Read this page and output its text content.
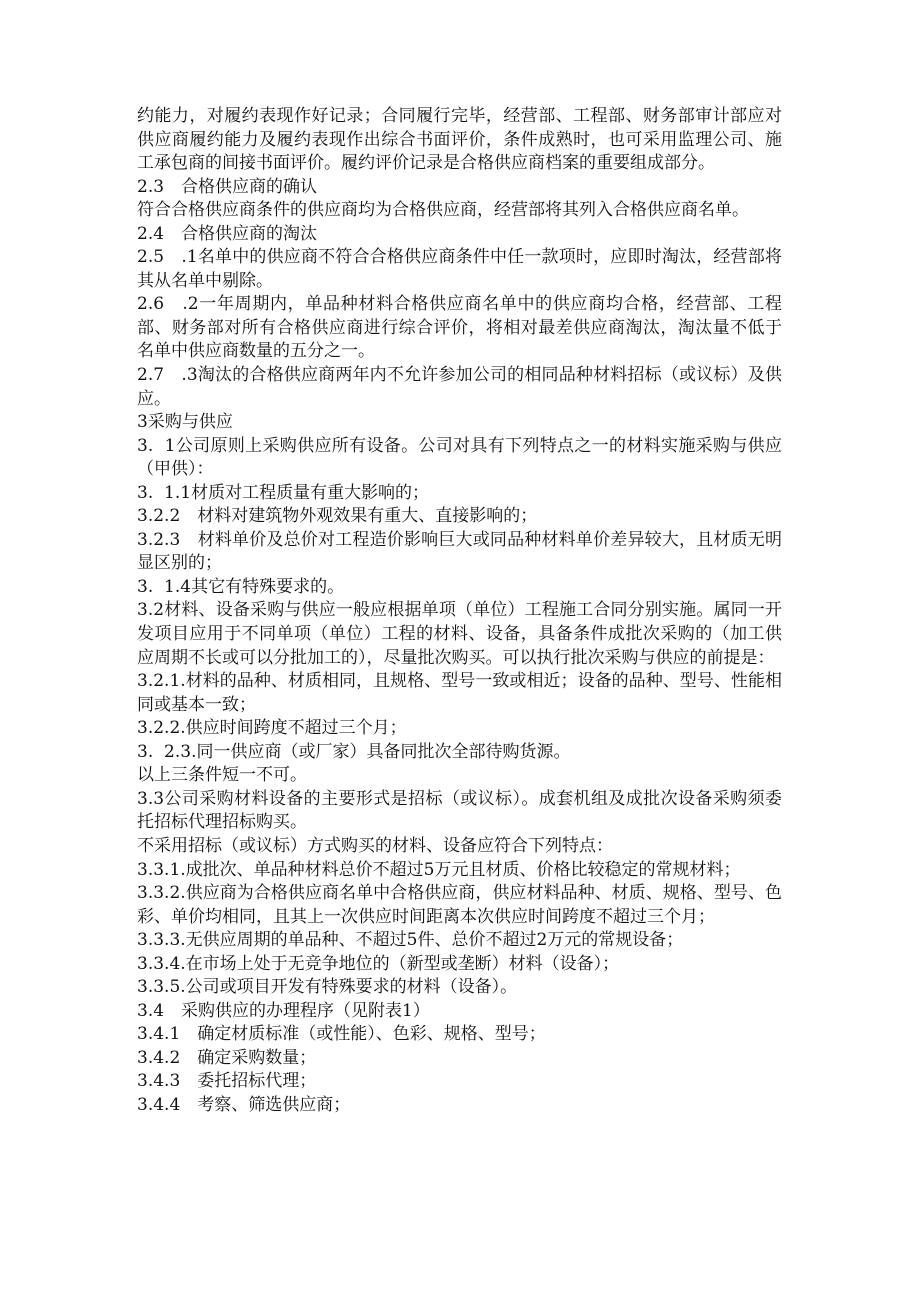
约能力，对履约表现作好记录；合同履行完毕，经营部、工程部、财务部审计部应对供应商履约能力及履约表现作出综合书面评价，条件成熟时，也可采用监理公司、施工承包商的间接书面评价。履约评价记录是合格供应商档案的重要组成部分。

2.3　合格供应商的确认

符合合格供应商条件的供应商均为合格供应商，经营部将其列入合格供应商名单。

2.4　合格供应商的淘汰

2.5　.1名单中的供应商不符合合格供应商条件中任一款项时，应即时淘汰，经营部将其从名单中剔除。

2.6　.2一年周期内，单品种材料合格供应商名单中的供应商均合格，经营部、工程部、财务部对所有合格供应商进行综合评价，将相对最差供应商淘汰，淘汰量不低于名单中供应商数量的五分之一。

2.7　.3淘汰的合格供应商两年内不允许参加公司的相同品种材料招标（或议标）及供应。

3采购与供应

3.  1公司原则上采购供应所有设备。公司对具有下列特点之一的材料实施采购与供应（甲供）：

3.  1.1材质对工程质量有重大影响的；

3.2.2　材料对建筑物外观效果有重大、直接影响的；

3.2.3　材料单价及总价对工程造价影响巨大或同品种材料单价差异较大，且材质无明显区别的；

3.  1.4其它有特殊要求的。

3.2材料、设备采购与供应一般应根据单项（单位）工程施工合同分别实施。属同一开发项目应用于不同单项（单位）工程的材料、设备，具备条件成批次采购的（加工供应周期不长或可以分批加工的），尽量批次购买。可以执行批次采购与供应的前提是：

3.2.1.材料的品种、材质相同，且规格、型号一致或相近；设备的品种、型号、性能相同或基本一致；

3.2.2.供应时间跨度不超过三个月；

3.  2.3.同一供应商（或厂家）具备同批次全部待购货源。

以上三条件短一不可。

3.3公司采购材料设备的主要形式是招标（或议标）。成套机组及成批次设备采购须委托招标代理招标购买。

不采用招标（或议标）方式购买的材料、设备应符合下列特点：

3.3.1.成批次、单品种材料总价不超过5万元且材质、价格比较稳定的常规材料；

3.3.2.供应商为合格供应商名单中合格供应商，供应材料品种、材质、规格、型号、色彩、单价均相同，且其上一次供应时间距离本次供应时间跨度不超过三个月；

3.3.3.无供应周期的单品种、不超过5件、总价不超过2万元的常规设备；

3.3.4.在市场上处于无竞争地位的（新型或垄断）材料（设备）；

3.3.5.公司或项目开发有特殊要求的材料（设备）。

3.4　采购供应的办理程序（见附表1）

3.4.1　确定材质标准（或性能）、色彩、规格、型号；

3.4.2　确定采购数量；

3.4.3　委托招标代理；

3.4.4　考察、筛选供应商；
